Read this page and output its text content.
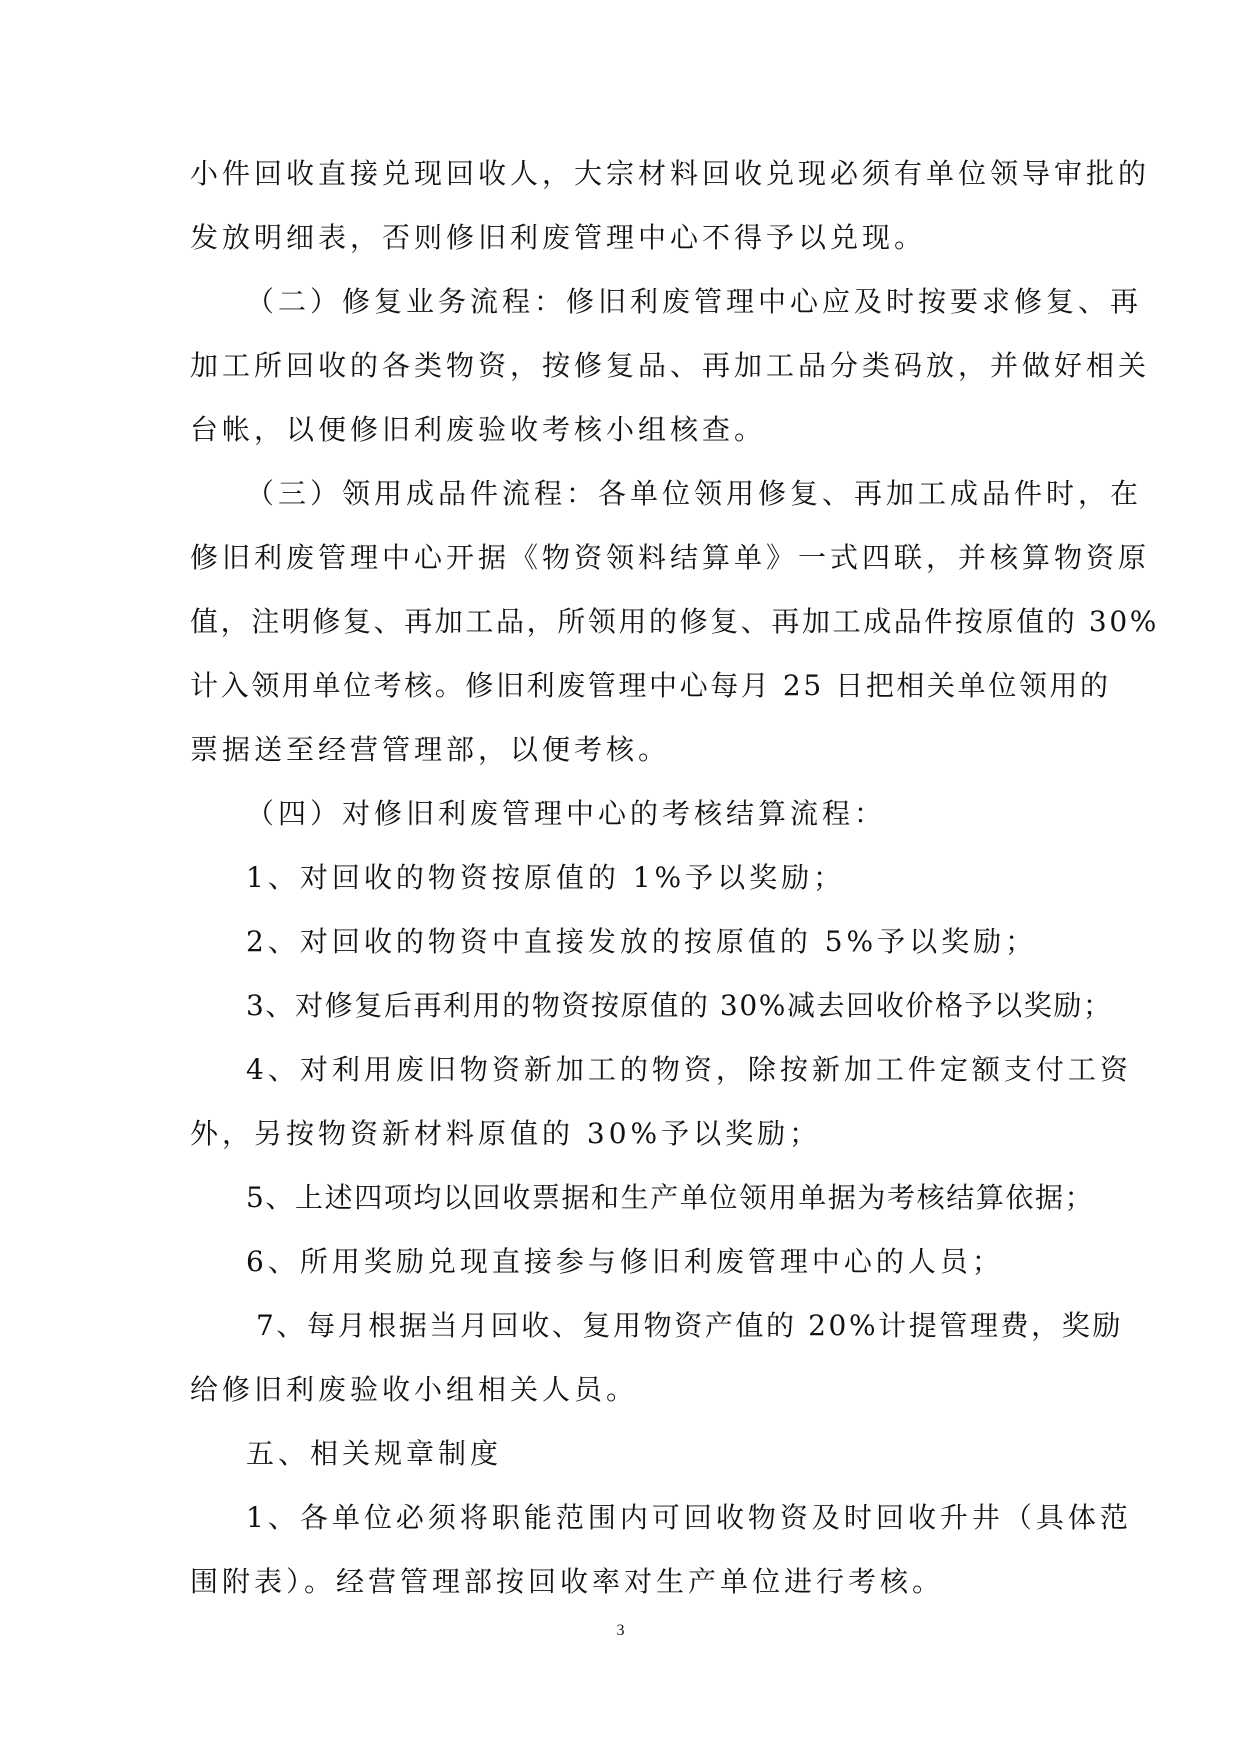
小件回收直接兑现回收人，大宗材料回收兑现必须有单位领导审批的
发放明细表，否则修旧利废管理中心不得予以兑现。
（二）修复业务流程：修旧利废管理中心应及时按要求修复、再
加工所回收的各类物资，按修复品、再加工品分类码放，并做好相关
台帐，以便修旧利废验收考核小组核查。
（三）领用成品件流程：各单位领用修复、再加工成品件时，在
修旧利废管理中心开据《物资领料结算单》一式四联，并核算物资原
值，注明修复、再加工品，所领用的修复、再加工成品件按原值的 30%
计入领用单位考核。修旧利废管理中心每月 25 日把相关单位领用的
票据送至经营管理部，以便考核。
（四）对修旧利废管理中心的考核结算流程：
1、对回收的物资按原值的 1%予以奖励；
2、对回收的物资中直接发放的按原值的 5%予以奖励；
3、对修复后再利用的物资按原值的 30%减去回收价格予以奖励；
4、对利用废旧物资新加工的物资，除按新加工件定额支付工资
外，另按物资新材料原值的 30%予以奖励；
5、上述四项均以回收票据和生产单位领用单据为考核结算依据；
6、所用奖励兑现直接参与修旧利废管理中心的人员；
7、每月根据当月回收、复用物资产值的 20%计提管理费，奖励
给修旧利废验收小组相关人员。
五、相关规章制度
1、各单位必须将职能范围内可回收物资及时回收升井（具体范
围附表）。经营管理部按回收率对生产单位进行考核。
3
